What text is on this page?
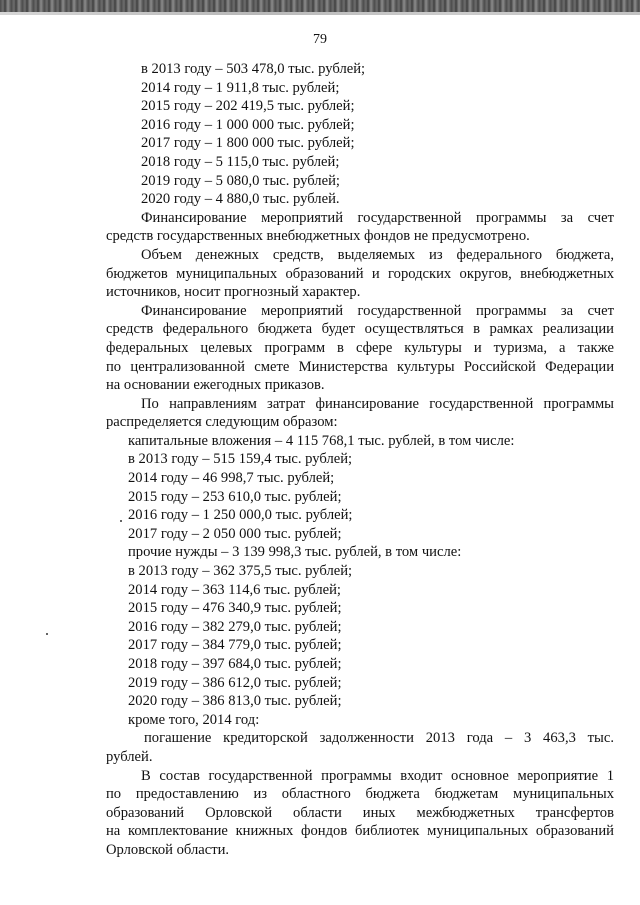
79
в 2013 году – 503 478,0 тыс. рублей;
2014 году – 1 911,8 тыс. рублей;
2015 году – 202 419,5 тыс. рублей;
2016 году – 1 000 000 тыс. рублей;
2017 году – 1 800 000 тыс. рублей;
2018 году – 5 115,0 тыс. рублей;
2019 году – 5 080,0 тыс. рублей;
2020 году – 4 880,0 тыс. рублей.
Финансирование мероприятий государственной программы за счет
средств государственных внебюджетных фондов не предусмотрено.
Объем денежных средств, выделяемых из федерального бюджета,
бюджетов муниципальных образований и городских округов, внебюджетных
источников, носит прогнозный характер.
Финансирование мероприятий государственной программы за счет
средств федерального бюджета будет осуществляться в рамках реализации
федеральных целевых программ в сфере культуры и туризма, а также
по централизованной смете Министерства культуры Российской Федерации
на основании ежегодных приказов.
По направлениям затрат финансирование государственной программы
распределяется следующим образом:
капитальные вложения – 4 115 768,1 тыс. рублей, в том числе:
в 2013 году – 515 159,4 тыс. рублей;
2014 году – 46 998,7 тыс. рублей;
2015 году – 253 610,0 тыс. рублей;
2016 году – 1 250 000,0 тыс. рублей;
2017 году – 2 050 000 тыс. рублей;
прочие нужды – 3 139 998,3 тыс. рублей, в том числе:
в 2013 году – 362 375,5 тыс. рублей;
2014 году – 363 114,6 тыс. рублей;
2015 году – 476 340,9 тыс. рублей;
2016 году – 382 279,0 тыс. рублей;
2017 году – 384 779,0 тыс. рублей;
2018 году – 397 684,0 тыс. рублей;
2019 году – 386 612,0 тыс. рублей;
2020 году – 386 813,0 тыс. рублей;
кроме того, 2014 год:
погашение кредиторской задолженности 2013 года – 3 463,3 тыс.
рублей.
В состав государственной программы входит основное мероприятие 1
по предоставлению из областного бюджета бюджетам муниципальных
образований Орловской области иных межбюджетных трансфертов
на комплектование книжных фондов библиотек муниципальных образований
Орловской области.
